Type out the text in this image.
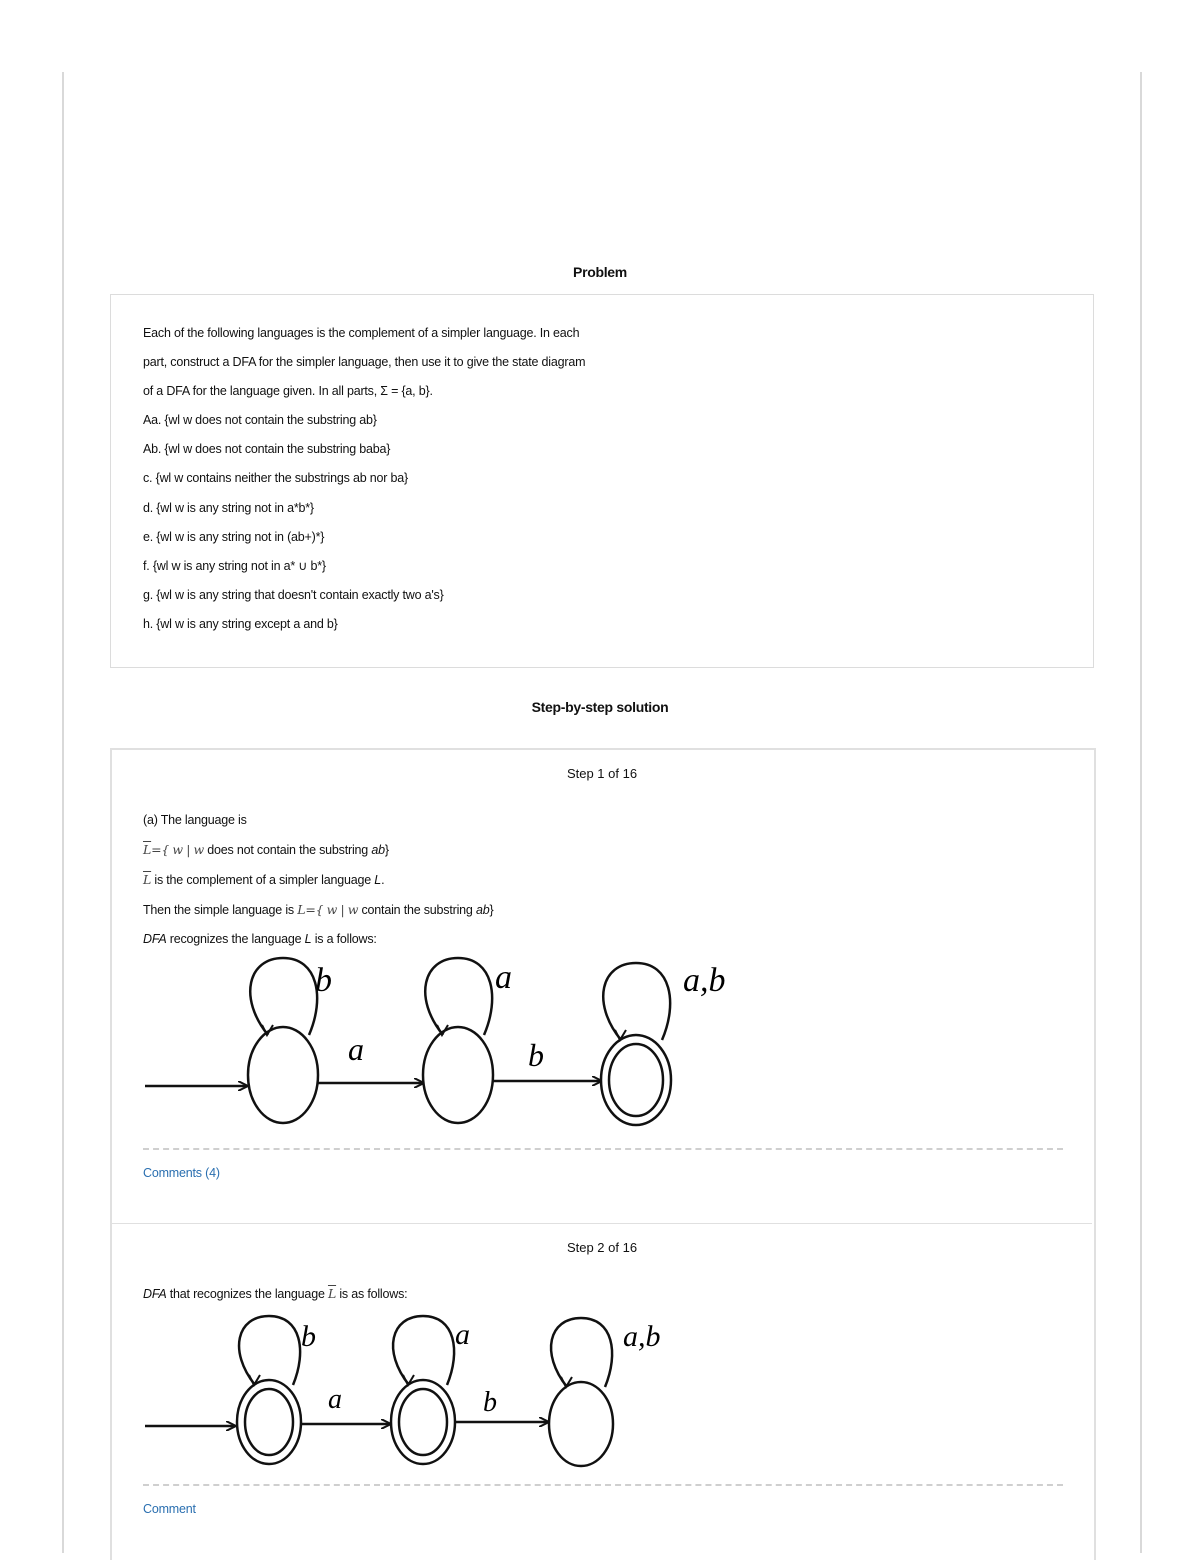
Problem
Each of the following languages is the complement of a simpler language. In each
part, construct a DFA for the simpler language, then use it to give the state diagram
of a DFA for the language given. In all parts, Σ = {a, b}.
Aa. {wl w does not contain the substring ab}
Ab. {wl w does not contain the substring baba}
c. {wl w contains neither the substrings ab nor ba}
d. {wl w is any string not in a*b*}
e. {wl w is any string not in (ab+)*}
f. {wl w is any string not in a* ∪ b*}
g. {wl w is any string that doesn't contain exactly two a's}
h. {wl w is any string except a and b}
Step-by-step solution
Step 1 of 16
(a) The language is
$\overline{L}=${ w | w does not contain the substring ab}
$\overline{L}$ is the complement of a simpler language L.
Then the simple language is L={ w | w contain the substring ab}
DFA recognizes the language L is a follows:
b
a
a
b
a,b
Comments (4)
Step 2 of 16
DFA that recognizes the language $\overline{L}$ is as follows:
b
a
a
b
a,b
Comment
